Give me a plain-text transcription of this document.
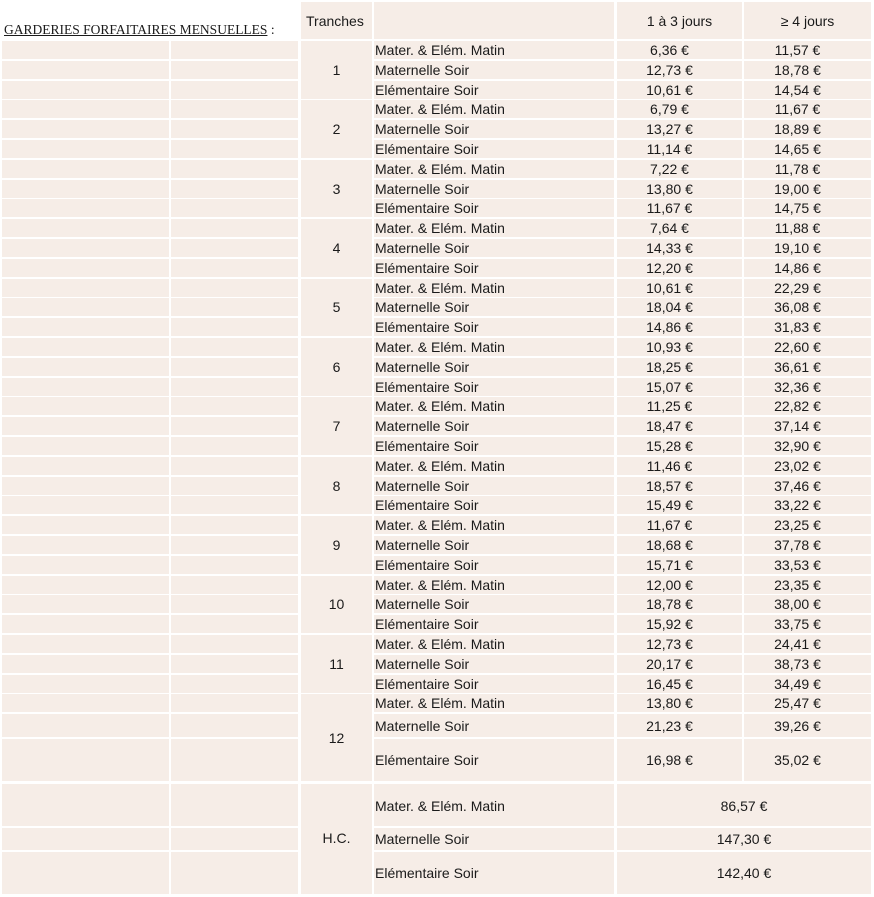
Tranches	1 à 3 jours	≥ 4 jours
1
Mater. & Elém. Matin	6,36 €	11,57 €
Maternelle Soir	12,73 €	18,78 €
Elémentaire Soir	10,61 €	14,54 €
2
Mater. & Elém. Matin	6,79 €	11,67 €
Maternelle Soir	13,27 €	18,89 €
Elémentaire Soir	11,14 €	14,65 €
3
Mater. & Elém. Matin	7,22 €	11,78 €
Maternelle Soir	13,80 €	19,00 €
Elémentaire Soir	11,67 €	14,75 €
4
Mater. & Elém. Matin	7,64 €	11,88 €
Maternelle Soir	14,33 €	19,10 €
Elémentaire Soir	12,20 €	14,86 €
5
Mater. & Elém. Matin	10,61 €	22,29 €
Maternelle Soir	18,04 €	36,08 €
Elémentaire Soir	14,86 €	31,83 €
6
Mater. & Elém. Matin	10,93 €	22,60 €
Maternelle Soir	18,25 €	36,61 €
Elémentaire Soir	15,07 €	32,36 €
7
Mater. & Elém. Matin	11,25 €	22,82 €
Maternelle Soir	18,47 €	37,14 €
Elémentaire Soir	15,28 €	32,90 €
8
Mater. & Elém. Matin	11,46 €	23,02 €
Maternelle Soir	18,57 €	37,46 €
Elémentaire Soir	15,49 €	33,22 €
9
Mater. & Elém. Matin	11,67 €	23,25 €
Maternelle Soir	18,68 €	37,78 €
Elémentaire Soir	15,71 €	33,53 €
10
Mater. & Elém. Matin	12,00 €	23,35 €
Maternelle Soir	18,78 €	38,00 €
Elémentaire Soir	15,92 €	33,75 €
11
Mater. & Elém. Matin	12,73 €	24,41 €
Maternelle Soir	20,17 €	38,73 €
Elémentaire Soir	16,45 €	34,49 €
12
Mater. & Elém. Matin	13,80 €	25,47 €
Maternelle Soir	21,23 €	39,26 €
Elémentaire Soir	16,98 €	35,02 €
H.C.
Mater. & Elém. Matin	86,57 €
Maternelle Soir	147,30 €
Elémentaire Soir	142,40 €
GARDERIES FORFAITAIRES MENSUELLES :
